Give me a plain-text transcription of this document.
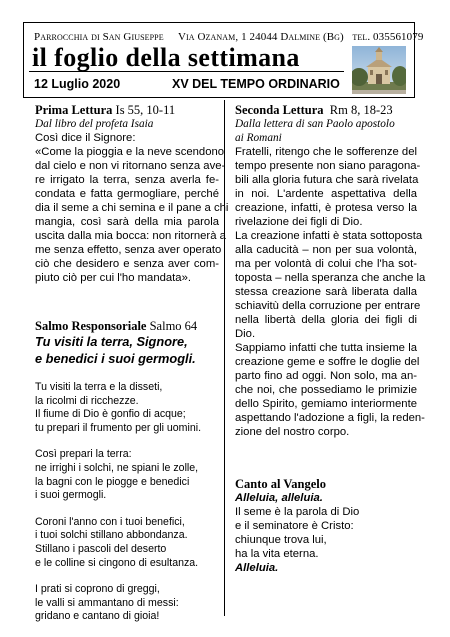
Parrocchia di San Giuseppe Via Ozanam, 1 24044 Dalmine (Bg) tel. 035561079
il foglio della settimana
12 Luglio 2020	XV DEL TEMPO ORDINARIO
Prima Lettura Is 55, 10-11
Dal libro del profeta Isaia
Così dice il Signore:
«Come la pioggia e la neve scendono
dal cielo e non vi ritornano senza ave-
re irrigato la terra, senza averla fe-
condata e fatta germogliare, perché
dia il seme a chi semina e il pane a chi
mangia, così sarà della mia parola
uscita dalla mia bocca: non ritornerà a
me senza effetto, senza aver operato
ciò che desidero e senza aver com-
piuto ciò per cui l'ho mandata».
Salmo Responsoriale Salmo 64
Tu visiti la terra, Signore,
e benedici i suoi germogli.
Tu visiti la terra e la disseti,
la ricolmi di ricchezze.
Il fiume di Dio è gonfio di acque;
tu prepari il frumento per gli uomini.
Così prepari la terra:
ne irrighi i solchi, ne spiani le zolle,
la bagni con le piogge e benedici
i suoi germogli.
Coroni l'anno con i tuoi benefici,
i tuoi solchi stillano abbondanza.
Stillano i pascoli del deserto
e le colline si cingono di esultanza.
I prati si coprono di greggi,
le valli si ammantano di messi:
gridano e cantano di gioia!
Seconda Lettura Rm 8, 18-23
Dalla lettera di san Paolo apostolo
ai Romani
Fratelli, ritengo che le sofferenze del
tempo presente non siano paragona-
bili alla gloria futura che sarà rivelata
in noi. L'ardente aspettativa della
creazione, infatti, è protesa verso la
rivelazione dei figli di Dio.
La creazione infatti è stata sottoposta
alla caducità – non per sua volontà,
ma per volontà di colui che l'ha sot-
toposta – nella speranza che anche la
stessa creazione sarà liberata dalla
schiavitù della corruzione per entrare
nella libertà della gloria dei figli di
Dio.
Sappiamo infatti che tutta insieme la
creazione geme e soffre le doglie del
parto fino ad oggi. Non solo, ma an-
che noi, che possediamo le primizie
dello Spirito, gemiamo interiormente
aspettando l'adozione a figli, la reden-
zione del nostro corpo.
Canto al Vangelo
Alleluia, alleluia.
Il seme è la parola di Dio
e il seminatore è Cristo:
chiunque trova lui,
ha la vita eterna.
Alleluia.
